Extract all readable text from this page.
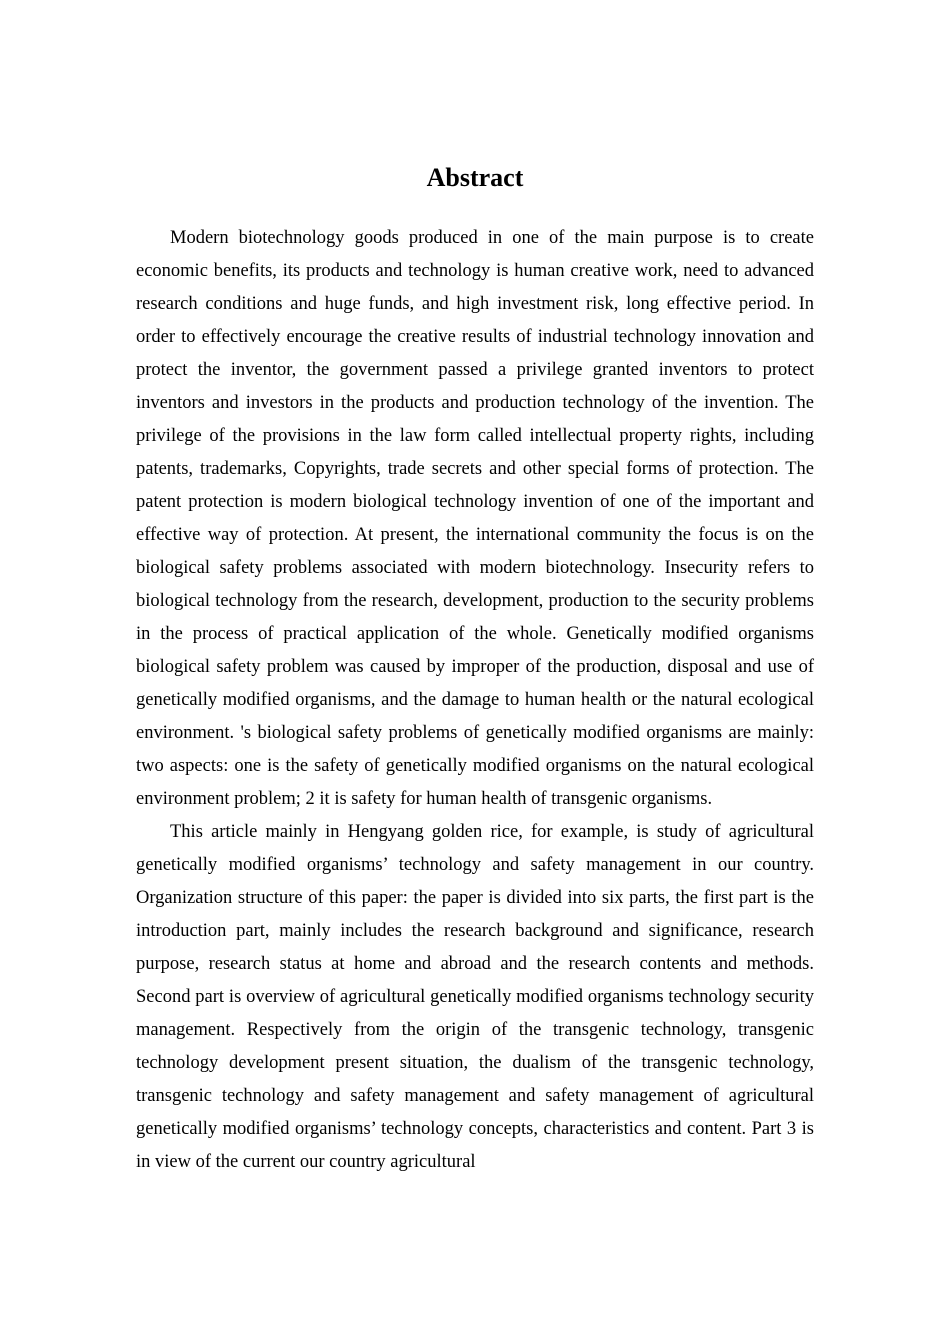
Abstract

Modern biotechnology goods produced in one of the main purpose is to create economic benefits, its products and technology is human creative work, need to advanced research conditions and huge funds, and high investment risk, long effective period. In order to effectively encourage the creative results of industrial technology innovation and protect the inventor, the government passed a privilege granted inventors to protect inventors and investors in the products and production technology of the invention. The privilege of the provisions in the law form called intellectual property rights, including patents, trademarks, Copyrights, trade secrets and other special forms of protection. The patent protection is modern biological technology invention of one of the important and effective way of protection. At present, the international community the focus is on the biological safety problems associated with modern biotechnology. Insecurity refers to biological technology from the research, development, production to the security problems in the process of practical application of the whole. Genetically modified organisms biological safety problem was caused by improper of the production, disposal and use of genetically modified organisms, and the damage to human health or the natural ecological environment. 's biological safety problems of genetically modified organisms are mainly: two aspects: one is the safety of genetically modified organisms on the natural ecological environment problem; 2 it is safety for human health of transgenic organisms.

This article mainly in Hengyang golden rice, for example, is study of agricultural genetically modified organisms’ technology and safety management in our country. Organization structure of this paper: the paper is divided into six parts, the first part is the introduction part, mainly includes the research background and significance, research purpose, research status at home and abroad and the research contents and methods. Second part is overview of agricultural genetically modified organisms technology security management. Respectively from the origin of the transgenic technology, transgenic technology development present situation, the dualism of the transgenic technology, transgenic technology and safety management and safety management of agricultural genetically modified organisms’ technology concepts, characteristics and content. Part 3 is in view of the current our country agricultural
